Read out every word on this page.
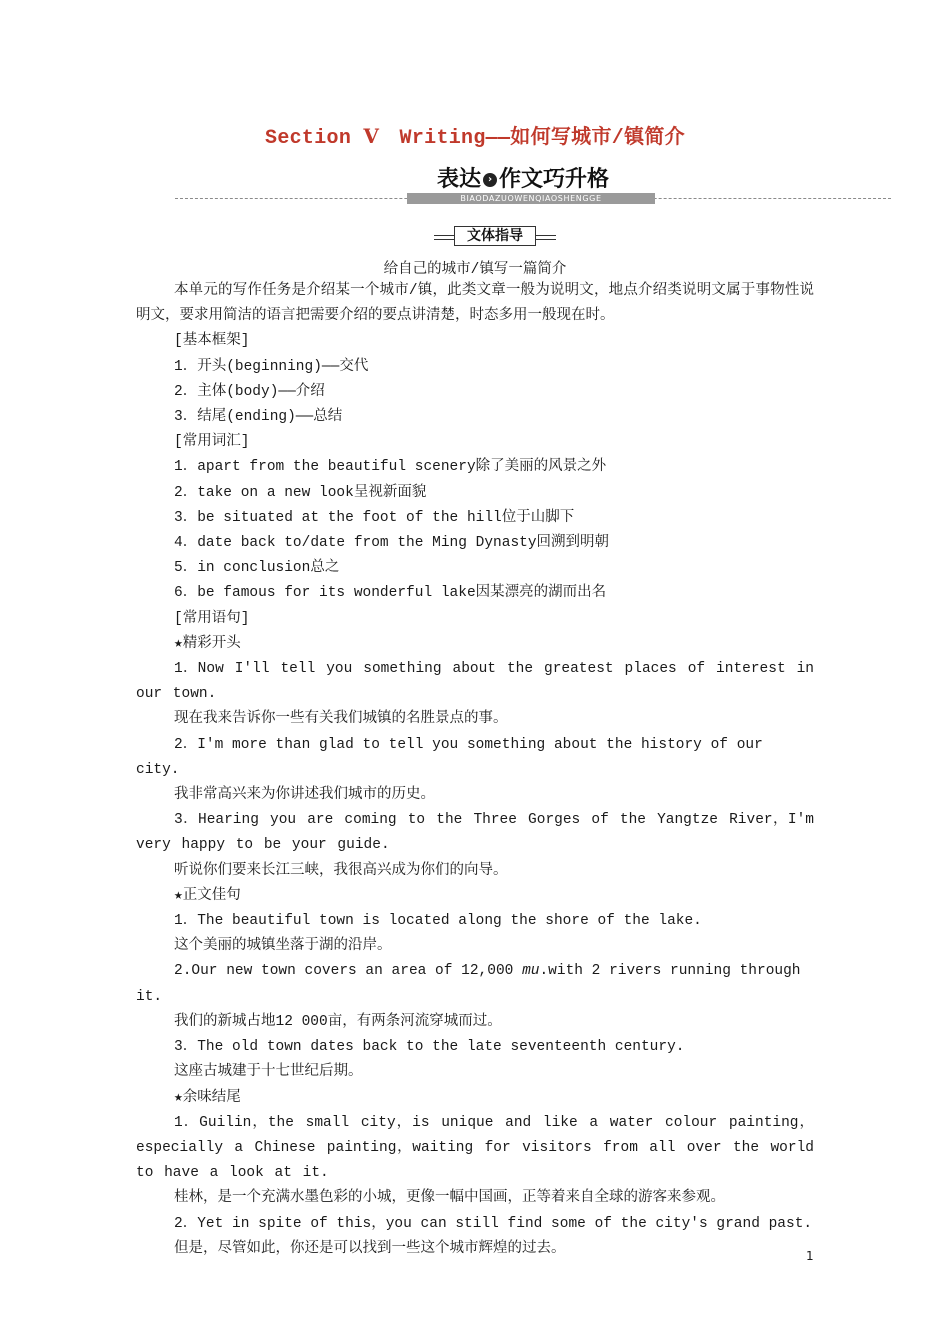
Section Ⅴ　Writing——如何写城市/镇简介
表达 › 作文巧升格
BIAODAZUOWENQIAOSHENGGE
文体指导
给自己的城市/镇写一篇简介

本单元的写作任务是介绍某一个城市/镇，此类文章一般为说明文，地点介绍类说明文属于事物性说明文，要求用简洁的语言把需要介绍的要点讲清楚，时态多用一般现在时。

[基本框架]

1．开头(beginning)——交代

2．主体(body)——介绍

3．结尾(ending)——总结

[常用词汇]

1．apart from the beautiful scenery除了美丽的风景之外

2．take on a new look呈视新面貌

3．be situated at the foot of the hill位于山脚下

4．date back to/date from the Ming Dynasty回溯到明朝

5．in conclusion总之

6．be famous for its wonderful lake因某漂亮的湖而出名

[常用语句]

★精彩开头

1．Now I'll tell you something about the greatest places of interest in our town.

现在我来告诉你一些有关我们城镇的名胜景点的事。

2．I'm more than glad to tell you something about the history of our city.

我非常高兴来为你讲述我们城市的历史。

3．Hearing you are coming to the Three Gorges of the Yangtze River，I'm very happy to be your guide.

听说你们要来长江三峡，我很高兴成为你们的向导。

★正文佳句

1．The beautiful town is located along the shore of the lake.

这个美丽的城镇坐落于湖的沿岸。

2.Our new town covers an area of 12,000 mu.with 2 rivers running through it.

我们的新城占地12 000亩，有两条河流穿城而过。

3．The old town dates back to the late seventeenth century.

这座古城建于十七世纪后期。

★余味结尾

1．Guilin，the small city，is unique and like a water colour painting，especially a Chinese painting，waiting for visitors from all over the world to have a look at it.

桂林，是一个充满水墨色彩的小城，更像一幅中国画，正等着来自全球的游客来参观。

2．Yet in spite of this，you can still find some of the city's grand past.

但是，尽管如此，你还是可以找到一些这个城市辉煌的过去。	1
